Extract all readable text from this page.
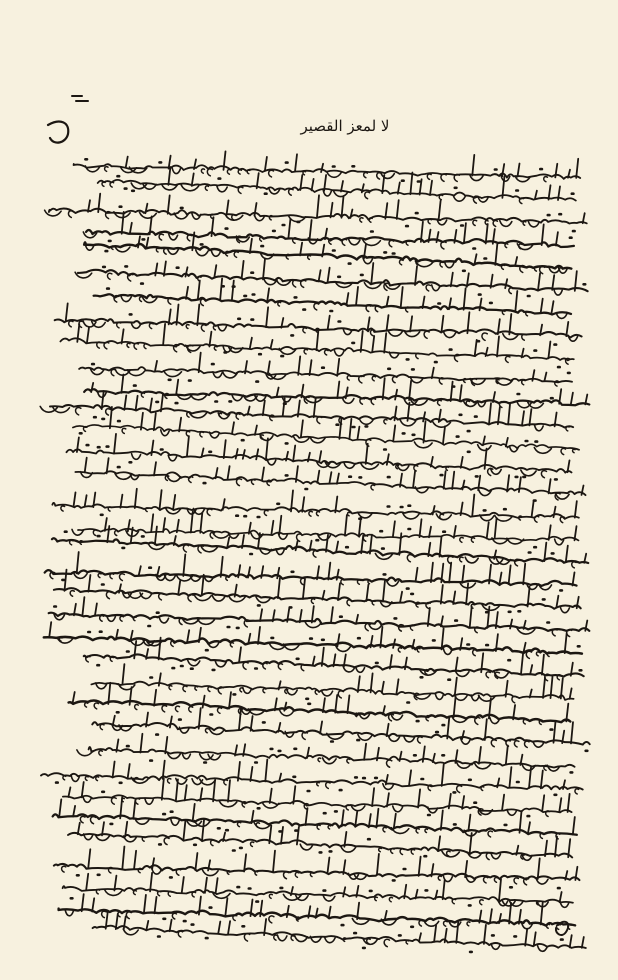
لا لمعز القصير
